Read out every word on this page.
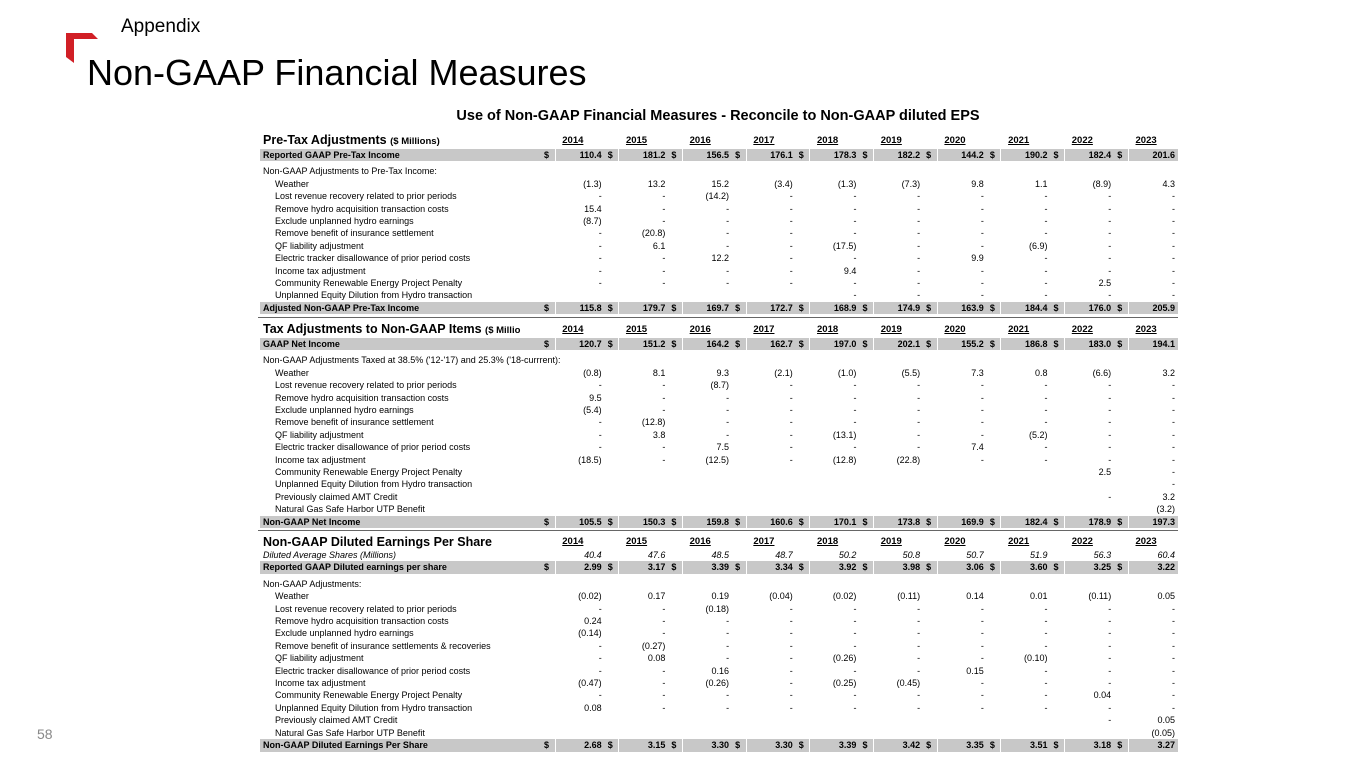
Appendix
Non-GAAP Financial Measures
58
Use of Non-GAAP Financial Measures - Reconcile to Non-GAAP diluted EPS
Pre-Tax Adjustments ($ Millions)	2014		2015		2016		2017		2018		2019		2020		2021		2022		2023	
Reported GAAP Pre-Tax Income	$	110.4	$	181.2	$	156.5	$	176.1	$	178.3	$	182.2	$	144.2	$	190.2	$	182.4	$	201.6

Non-GAAP Adjustments to Pre-Tax Income:																				
Weather	(1.3)		13.2		15.2		(3.4)		(1.3)		(7.3)		9.8		1.1		(8.9)		4.3	
Lost revenue recovery related to prior periods	-		-		(14.2)		-		-		-		-		-		-		-	
Remove hydro acquisition transaction costs	15.4		-		-		-		-		-		-		-		-		-	
Exclude unplanned hydro earnings	(8.7)		-		-		-		-		-		-		-		-		-	
Remove benefit of insurance settlement	-		(20.8)		-		-		-		-		-		-		-		-	
QF liability adjustment	-		6.1		-		-		(17.5)		-		-		(6.9)		-		-	
Electric tracker disallowance of prior period costs	-		-		12.2		-		-		-		9.9		-		-		-	
Income tax adjustment	-		-		-		-		9.4		-		-		-		-		-	
Community Renewable Energy Project Penalty	-		-		-		-		-		-		-		-		2.5		-	
Unplanned Equity Dilution from Hydro transaction									-		-		-		-		-		-	
Adjusted Non-GAAP Pre-Tax Income	$	115.8	$	179.7	$	169.7	$	172.7	$	168.9	$	174.9	$	163.9	$	184.4	$	176.0	$	205.9
Tax Adjustments to Non-GAAP Items ($ Millio	2014		2015		2016		2017		2018		2019		2020		2021		2022		2023	
GAAP Net Income	$	120.7	$	151.2	$	164.2	$	162.7	$	197.0	$	202.1	$	155.2	$	186.8	$	183.0	$	194.1

Non-GAAP Adjustments Taxed at 38.5% ('12-'17) and 25.3% ('18-currrent):																				
Weather	(0.8)		8.1		9.3		(2.1)		(1.0)		(5.5)		7.3		0.8		(6.6)		3.2	
Lost revenue recovery related to prior periods	-		-		(8.7)		-		-		-		-		-		-		-	
Remove hydro acquisition transaction costs	9.5		-		-		-		-		-		-		-		-		-	
Exclude unplanned hydro earnings	(5.4)		-		-		-		-		-		-		-		-		-	
Remove benefit of insurance settlement	-		(12.8)		-		-		-		-		-		-		-		-	
QF liability adjustment	-		3.8		-		-		(13.1)		-		-		(5.2)		-		-	
Electric tracker disallowance of prior period costs	-		-		7.5		-		-		-		7.4		-		-		-	
Income tax adjustment	(18.5)		-		(12.5)		-		(12.8)		(22.8)		-		-		-		-	
Community Renewable Energy Project Penalty																	2.5		-	
Unplanned Equity Dilution from Hydro transaction																			-	
Previously claimed AMT Credit																	-		3.2	
Natural Gas Safe Harbor UTP Benefit																			(3.2)	
Non-GAAP Net Income	$	105.5	$	150.3	$	159.8	$	160.6	$	170.1	$	173.8	$	169.9	$	182.4	$	178.9	$	197.3
Non-GAAP Diluted Earnings Per Share	2014		2015		2016		2017		2018		2019		2020		2021		2022		2023	
Diluted Average Shares (Millions)	40.4		47.6		48.5		48.7		50.2		50.8		50.7		51.9		56.3		60.4	
Reported GAAP Diluted earnings per share	$	2.99	$	3.17	$	3.39	$	3.34	$	3.92	$	3.98	$	3.06	$	3.60	$	3.25	$	3.22

Non-GAAP Adjustments:																				
Weather	(0.02)		0.17		0.19		(0.04)		(0.02)		(0.11)		0.14		0.01		(0.11)		0.05	
Lost revenue recovery related to prior periods	-		-		(0.18)		-		-		-		-		-		-		-	
Remove hydro acquisition transaction costs	0.24		-		-		-		-		-		-		-		-		-	
Exclude unplanned hydro earnings	(0.14)		-		-		-		-		-		-		-		-		-	
Remove benefit of insurance settlements & recoveries	-		(0.27)		-		-		-		-		-		-		-		-	
QF liability adjustment	-		0.08		-		-		(0.26)		-		-		(0.10)		-		-	
Electric tracker disallowance of prior period costs	-		-		0.16		-		-		-		0.15		-		-		-	
Income tax adjustment	(0.47)		-		(0.26)		-		(0.25)		(0.45)		-		-		-		-	
Community Renewable Energy Project Penalty	-		-		-		-		-		-		-		-		0.04		-	
Unplanned Equity Dilution from Hydro transaction	0.08		-		-		-		-		-		-		-		-		-	
Previously claimed AMT Credit																	-		0.05	
Natural Gas Safe Harbor UTP Benefit																			(0.05)	
Non-GAAP Diluted Earnings Per Share	$	2.68	$	3.15	$	3.30	$	3.30	$	3.39	$	3.42	$	3.35	$	3.51	$	3.18	$	3.27
